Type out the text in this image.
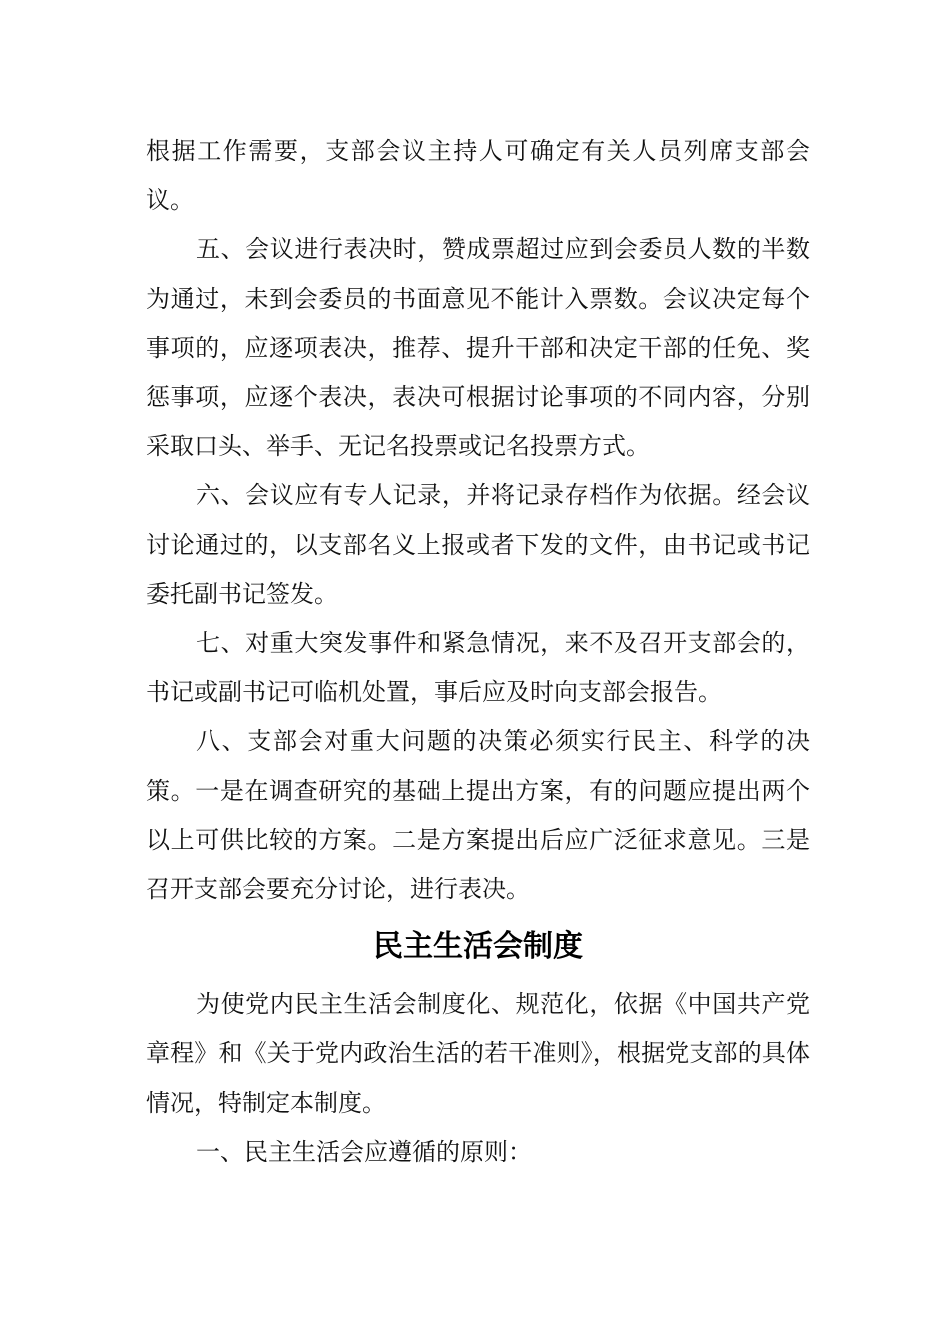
根据工作需要，支部会议主持人可确定有关人员列席支部会议。

五、会议进行表决时，赞成票超过应到会委员人数的半数为通过，未到会委员的书面意见不能计入票数。会议决定每个事项的，应逐项表决，推荐、提升干部和决定干部的任免、奖惩事项，应逐个表决，表决可根据讨论事项的不同内容，分别采取口头、举手、无记名投票或记名投票方式。

六、会议应有专人记录，并将记录存档作为依据。经会议讨论通过的，以支部名义上报或者下发的文件，由书记或书记委托副书记签发。

七、对重大突发事件和紧急情况，来不及召开支部会的，书记或副书记可临机处置，事后应及时向支部会报告。

八、支部会对重大问题的决策必须实行民主、科学的决策。一是在调查研究的基础上提出方案，有的问题应提出两个以上可供比较的方案。二是方案提出后应广泛征求意见。三是召开支部会要充分讨论，进行表决。

民主生活会制度

为使党内民主生活会制度化、规范化，依据《中国共产党章程》和《关于党内政治生活的若干准则》，根据党支部的具体情况，特制定本制度。

一、民主生活会应遵循的原则：
